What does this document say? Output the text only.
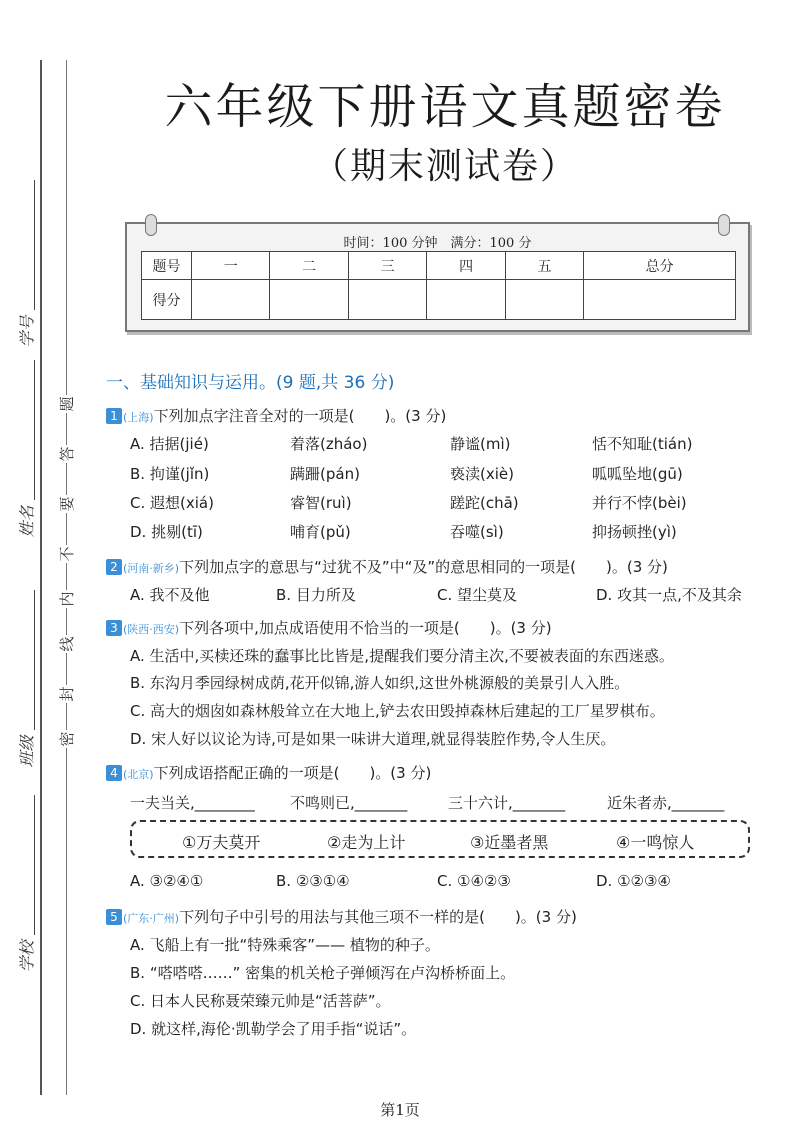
题
答
要
不
内
线
封
密
学号
姓名
班级
学校
六年级下册语文真题密卷
（期末测试卷）
时间：100 分钟　满分：100 分
题号	一	二	三	四	五	总分
得分						
一、基础知识与运用。(9 题,共 36 分)
1 (上海)下列加点字注音全对的一项是(　　)。(3 分)
A. 拮据(jié)	着落(zháo)	静谧(mì)	恬不知耻(tián)
B. 拘谨(jǐn)	蹒跚(pán)	亵渎(xiè)	呱呱坠地(gū)
C. 遐想(xiá)	睿智(ruì)	蹉跎(chā)	并行不悖(bèi)
D. 挑剔(tī)	哺育(pǔ)	吞噬(sì)	抑扬顿挫(yì)
2 (河南·新乡)下列加点字的意思与“过犹不及”中“及”的意思相同的一项是(　　)。(3 分)
A. 我不及他	B. 目力所及	C. 望尘莫及	D. 攻其一点,不及其余
3 (陕西·西安)下列各项中,加点成语使用不恰当的一项是(　　)。(3 分)
A. 生活中,买椟还珠的蠢事比比皆是,提醒我们要分清主次,不要被表面的东西迷惑。
B. 东沟月季园绿树成荫,花开似锦,游人如织,这世外桃源般的美景引人入胜。
C. 高大的烟囱如森林般耸立在大地上,铲去农田毁掉森林后建起的工厂星罗棋布。
D. 宋人好以议论为诗,可是如果一味讲大道理,就显得装腔作势,令人生厌。
4 (北京)下列成语搭配正确的一项是(　　)。(3 分)
一夫当关,________ 不鸣则已,_______	三十六计,_______	近朱者赤,_______
①万夫莫开	②走为上计	③近墨者黑	④一鸣惊人
A. ③②④①	B. ②③①④	C. ①④②③	D. ①②③④
5 (广东·广州)下列句子中引号的用法与其他三项不一样的是(　　)。(3 分)
A. 飞船上有一批“特殊乘客”—— 植物的种子。
B. “嗒嗒嗒……” 密集的机关枪子弹倾泻在卢沟桥桥面上。
C. 日本人民称聂荣臻元帅是“活菩萨”。
D. 就这样,海伦·凯勒学会了用手指“说话”。
第1页
